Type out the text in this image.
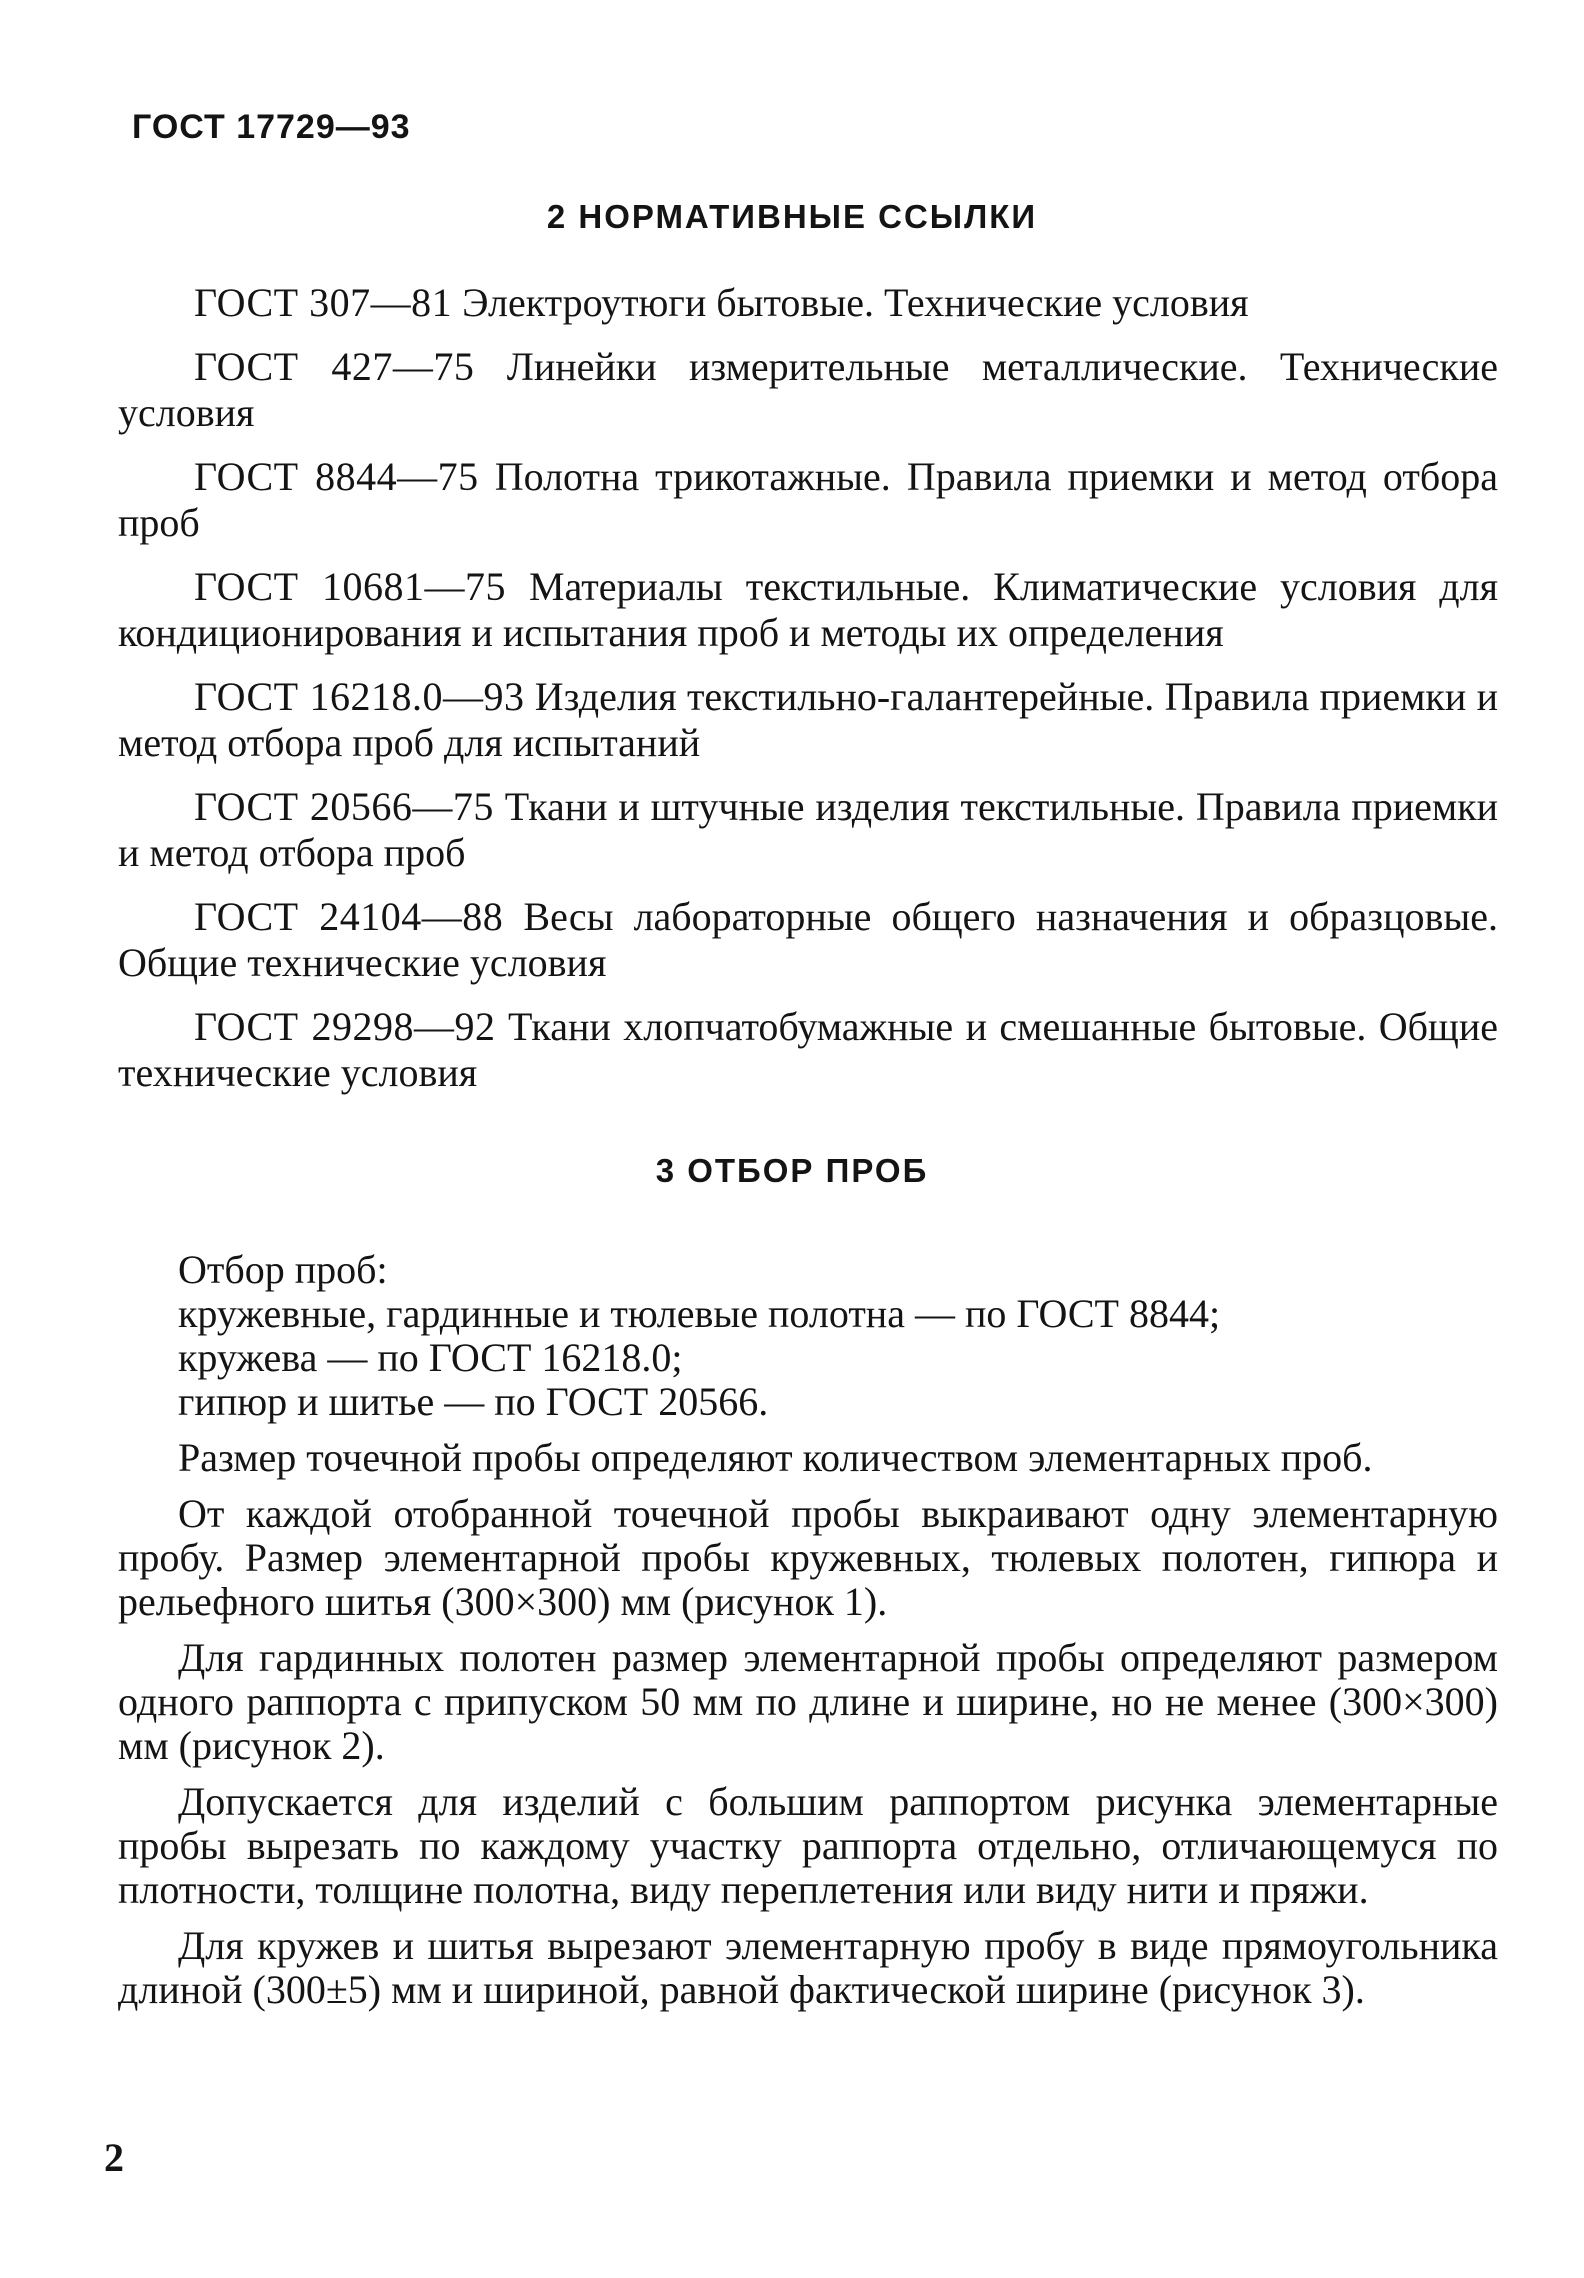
ГОСТ 17729—93
2 НОРМАТИВНЫЕ ССЫЛКИ
ГОСТ 307—81 Электроутюги бытовые. Технические условия
ГОСТ 427—75 Линейки измерительные металлические. Технические условия
ГОСТ 8844—75 Полотна трикотажные. Правила приемки и метод отбора проб
ГОСТ 10681—75 Материалы текстильные. Климатические условия для кондиционирования и испытания проб и методы их определения
ГОСТ 16218.0—93 Изделия текстильно-галантерейные. Правила приемки и метод отбора проб для испытаний
ГОСТ 20566—75 Ткани и штучные изделия текстильные. Правила приемки и метод отбора проб
ГОСТ 24104—88 Весы лабораторные общего назначения и образцовые. Общие технические условия
ГОСТ 29298—92 Ткани хлопчатобумажные и смешанные бытовые. Общие технические условия
3 ОТБОР ПРОБ

Отбор проб:

кружевные, гардинные и тюлевые полотна — по ГОСТ 8844;

кружева — по ГОСТ 16218.0;

гипюр и шитье — по ГОСТ 20566.

Размер точечной пробы определяют количеством элементарных проб.

От каждой отобранной точечной пробы выкраивают одну элементарную пробу. Размер элементарной пробы кружевных, тюлевых полотен, гипюра и рельефного шитья (300×300) мм (рисунок 1).

Для гардинных полотен размер элементарной пробы определяют размером одного раппорта с припуском 50 мм по длине и ширине, но не менее (300×300) мм (рисунок 2).

Допускается для изделий с большим раппортом рисунка элементарные пробы вырезать по каждому участку раппорта отдельно, отличающемуся по плотности, толщине полотна, виду переплетения или виду нити и пряжи.

Для кружев и шитья вырезают элементарную пробу в виде прямоугольника длиной (300±5) мм и шириной, равной фактической ширине (рисунок 3).

2
